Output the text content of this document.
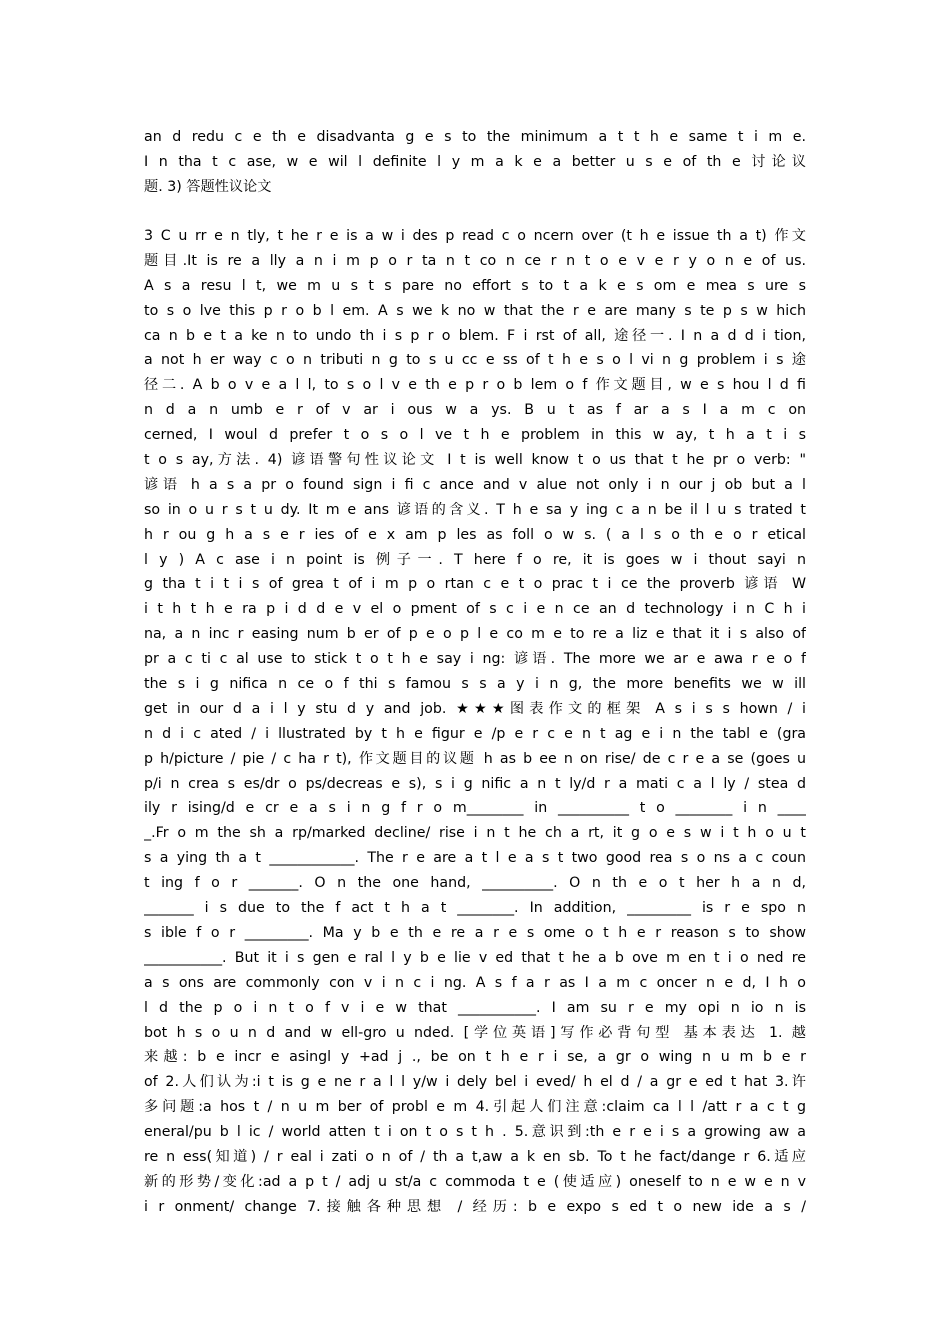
an d redu c e th e disadvanta g e s to the minimum a t t h e same t i m e.
I n tha t c ase, w e wil l definite l y m a k e a better u s e of th e 讨论议
题. 3) 答题性议论文
3 C u rr e n tly, t he r e is a w i des p read c o ncern over (t h e issue th a t) 作文
题目.It is re a lly a n i m p o r ta n t co n ce r n t o e v e r y o n e of us.
A s a resu l t, we m u s t s pare no effort s to t a k e s om e mea s ure s
to s o lve this p r o b l em. A s we k no w that the r e are many s te p s w hich
ca n b e t a ke n to undo th i s p r o blem. F i rst of all, 途径一. I n a d d i tion,
a not h er way c o n tributi n g to s u cc e ss of t h e s o l vi n g problem i s 途
径二. A b o v e a l l, to s o l v e th e p r o b lem o f 作文题目, w e s hou l d fi
n d a n umb e r of v ar i ous w a ys. B u t as f ar a s I a m c on
cerned, I woul d prefer t o s o l ve t h e problem in this w ay, t h a t i s
t o s ay,方法. 4) 谚语警句性议论文 I t is well know t o us that t he pr o verb: "
谚语 h a s a pr o found sign i fi c ance and v alue not only i n our j ob but a l
so in o u r s t u dy. It m e ans 谚语的含义. T h e sa y ing c a n be il l u s trated t
h r ou g h a s e r ies of e x am p les as foll o w s. ( a l s o th e o r etical
l y ) A c ase i n point is 例子一. T here f o re, it is goes w i thout sayi n
g tha t i t i s of grea t of i m p o rtan c e t o prac t i ce the proverb 谚语 W
i t h t h e ra p i d d e v el o pment of s c i e n ce an d technology i n C h i
na, a n inc r easing num b er of p e o p l e co m e to re a liz e that it i s also of
pr a c ti c al use to stick t o t h e say i ng: 谚语. The more we ar e awa r e o f
the s i g nifica n ce o f thi s famou s s a y i n g, the more benefits we w ill
get in our d a i l y stu d y and job. ★★★图表作文的框架 A s i s s hown / i
n d i c ated / i llustrated by t h e figur e /p e r c e n t ag e i n the tabl e (gra
p h/picture / pie / c ha r t), 作文题目的议题 h as b ee n on rise/ de c r e a se (goes u
p/i n crea s es/dr o ps/decreas e s), s i g nific a n t ly/d r a mati c a l ly / stea d
ily r ising/d e cr e a s i n g f r o m________ in __________ t o ________ i n ____
_.Fr o m the sh a rp/marked decline/ rise i n t he ch a rt, it g o e s w i t h o u t
s a ying th a t ____________. The r e are a t l e a s t two good rea s o ns a c coun
t ing f o r _______. O n the one hand, __________. O n th e o t her h a n d,
_______ i s due to the f act t h a t ________. In addition, _________ is r e spo n
s ible f o r _________. Ma y b e th e re a r e s ome o t h e r reason s to show
___________. But it i s gen e ral l y b e lie v ed that t he a b ove m en t i o ned re
a s ons are commonly con v i n c i ng. A s f a r as I a m c oncer n e d, I h o
l d the p o i n t o f v i e w that ___________. I am su r e my opi n io n is
bot h s o u n d and w ell-gro u nded. [学位英语]写作必背句型 基本表达 1. 越
来越: b e incr e asingl y +ad j ., be on t h e r i se, a gr o wing n u m b e r
of 2.人们认为:i t is g e ne r a l l y/w i dely bel i eved/ h el d / a gr e ed t hat 3.许
多问题:a hos t / n u m ber of probl e m 4.引起人们注意:claim ca l l /att r a c t g
eneral/pu b l ic / world atten t i on t o s t h . 5.意识到:th e r e i s a growing aw a
re n ess(知道) / r eal i zati o n of / th a t,aw a k en sb. To t he fact/dange r 6.适应
新的形势/变化:ad a p t / adj u st/a c commoda t e (使适应) oneself to n e w e n v
i r onment/ change 7.接触各种思想 / 经历: b e expo s ed t o new ide a s /
